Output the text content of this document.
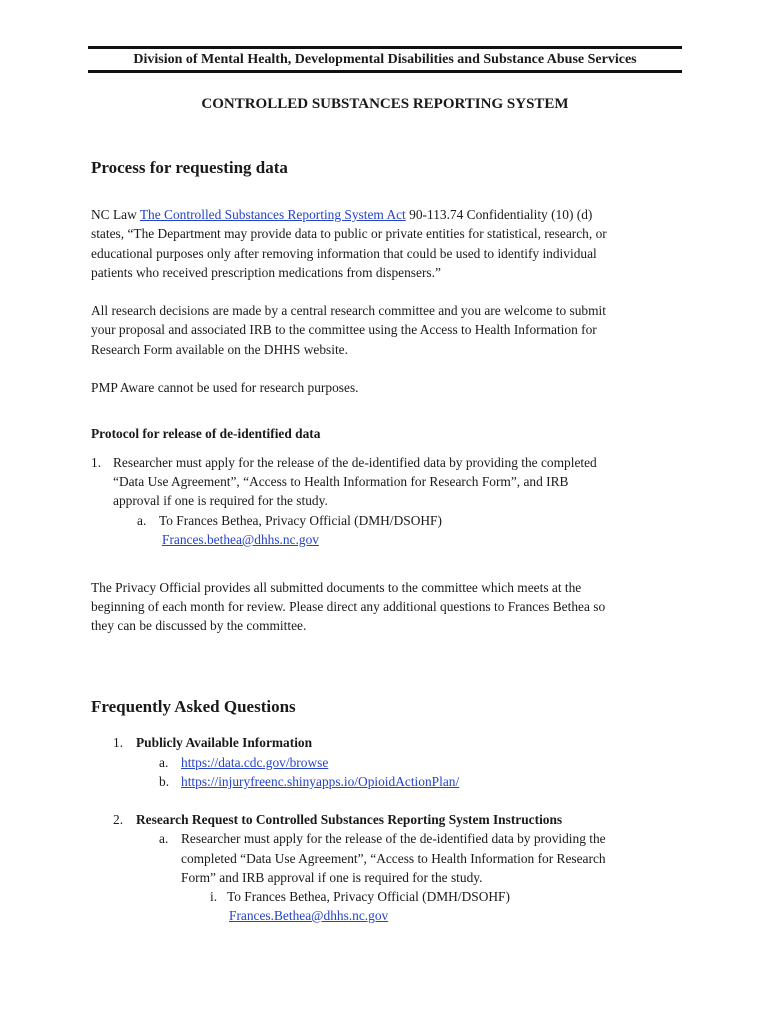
Division of Mental Health, Developmental Disabilities and Substance Abuse Services
CONTROLLED SUBSTANCES REPORTING SYSTEM
Process for requesting data
NC Law The Controlled Substances Reporting System Act 90-113.74 Confidentiality (10) (d)
states, “The Department may provide data to public or private entities for statistical, research, or
educational purposes only after removing information that could be used to identify individual
patients who received prescription medications from dispensers.”
All research decisions are made by a central research committee and you are welcome to submit
your proposal and associated IRB to the committee using the Access to Health Information for
Research Form available on the DHHS website.
PMP Aware cannot be used for research purposes.
Protocol for release of de-identified data
1. Researcher must apply for the release of the de-identified data by providing the completed
“Data Use Agreement”, “Access to Health Information for Research Form”, and IRB
approval if one is required for the study.
a. To Frances Bethea, Privacy Official (DMH/DSOHF)
Frances.bethea@dhhs.nc.gov
The Privacy Official provides all submitted documents to the committee which meets at the
beginning of each month for review. Please direct any additional questions to Frances Bethea so
they can be discussed by the committee.
Frequently Asked Questions
1. Publicly Available Information
a. https://data.cdc.gov/browse
b. https://injuryfreenc.shinyapps.io/OpioidActionPlan/
2. Research Request to Controlled Substances Reporting System Instructions
a. Researcher must apply for the release of the de-identified data by providing the
completed “Data Use Agreement”, “Access to Health Information for Research
Form” and IRB approval if one is required for the study.
i. To Frances Bethea, Privacy Official (DMH/DSOHF)
Frances.Bethea@dhhs.nc.gov
